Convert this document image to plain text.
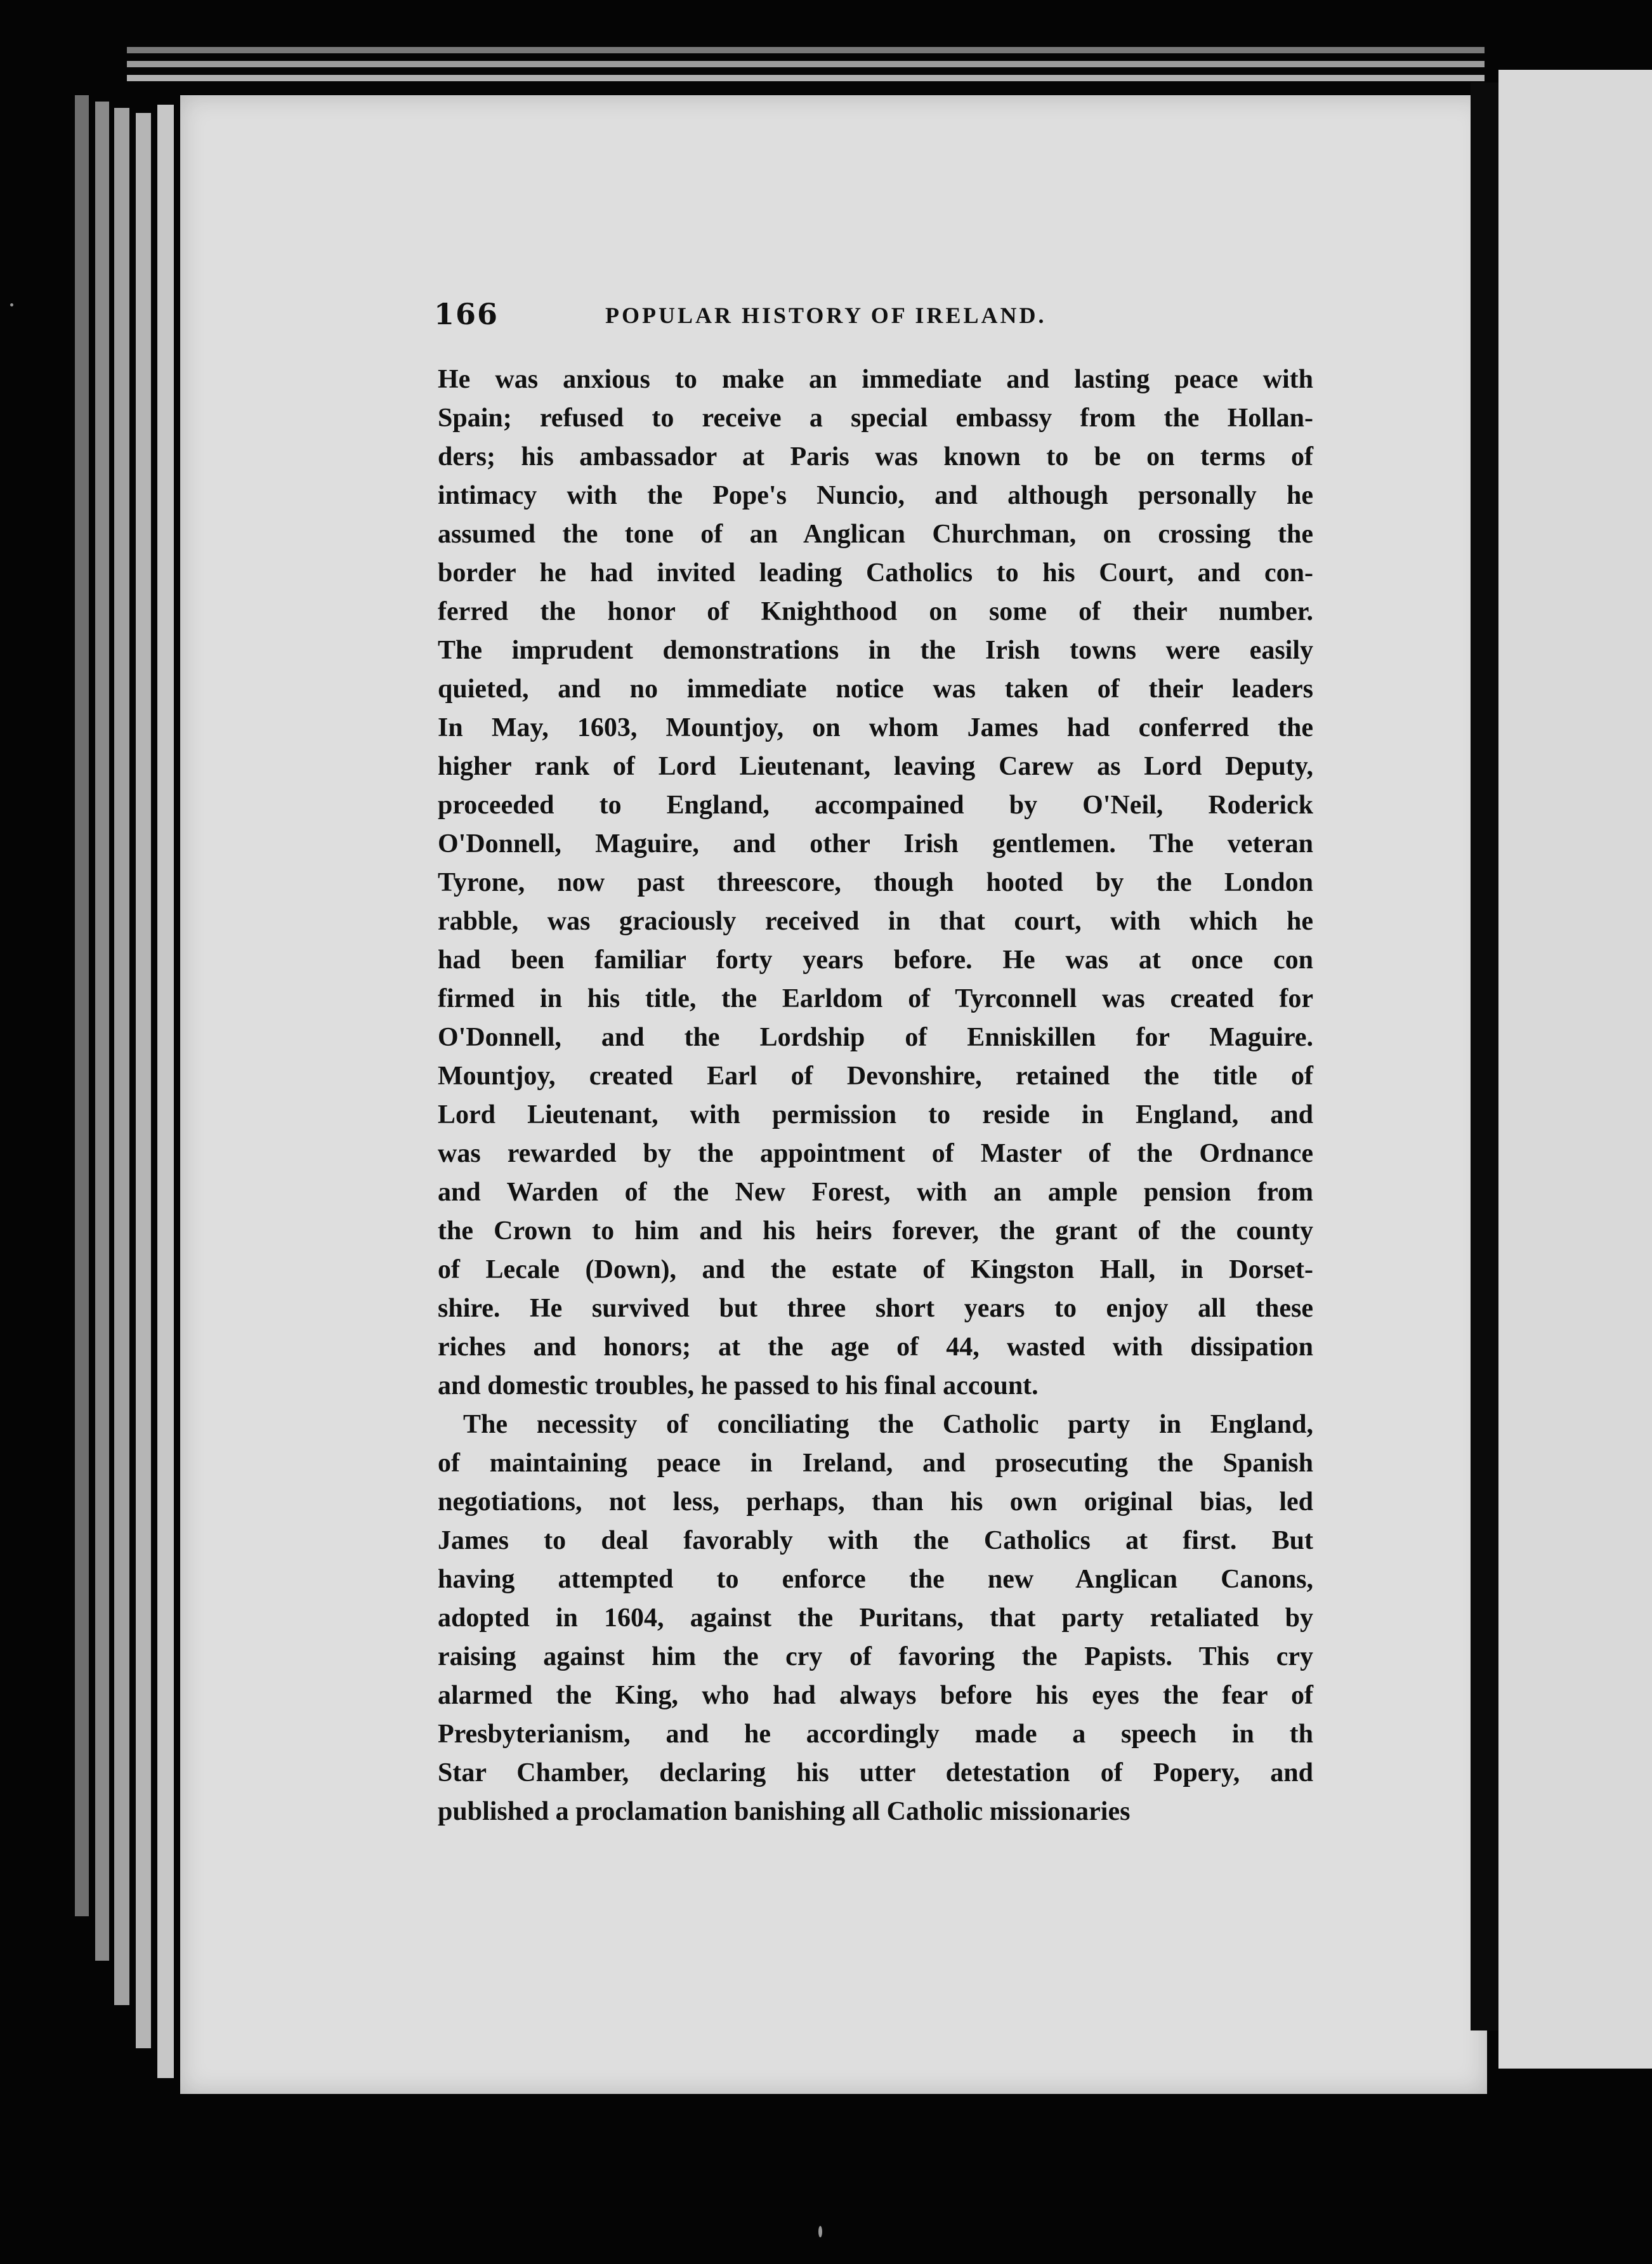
166	POPULAR HISTORY OF IRELAND.
He was anxious to make an immediate and lasting peace with
Spain; refused to receive a special embassy from the Hollan-
ders; his ambassador at Paris was known to be on terms of
intimacy with the Pope's Nuncio, and although personally he
assumed the tone of an Anglican Churchman, on crossing the
border he had invited leading Catholics to his Court, and con-
ferred the honor of Knighthood on some of their number.
The imprudent demonstrations in the Irish towns were easily
quieted, and no immediate notice was taken of their leaders
In May, 1603, Mountjoy, on whom James had conferred the
higher rank of Lord Lieutenant, leaving Carew as Lord Deputy,
proceeded to England, accompained by O'Neil, Roderick
O'Donnell, Maguire, and other Irish gentlemen. The veteran
Tyrone, now past threescore, though hooted by the London
rabble, was graciously received in that court, with which he
had been familiar forty years before. He was at once con
firmed in his title, the Earldom of Tyrconnell was created for
O'Donnell, and the Lordship of Enniskillen for Maguire.
Mountjoy, created Earl of Devonshire, retained the title of
Lord Lieutenant, with permission to reside in England, and
was rewarded by the appointment of Master of the Ordnance
and Warden of the New Forest, with an ample pension from
the Crown to him and his heirs forever, the grant of the county
of Lecale (Down), and the estate of Kingston Hall, in Dorset-
shire. He survived but three short years to enjoy all these
riches and honors; at the age of 44, wasted with dissipation
and domestic troubles, he passed to his final account.
The necessity of conciliating the Catholic party in England,
of maintaining peace in Ireland, and prosecuting the Spanish
negotiations, not less, perhaps, than his own original bias, led
James to deal favorably with the Catholics at first. But
having attempted to enforce the new Anglican Canons,
adopted in 1604, against the Puritans, that party retaliated by
raising against him the cry of favoring the Papists. This cry
alarmed the King, who had always before his eyes the fear of
Presbyterianism, and he accordingly made a speech in th
Star Chamber, declaring his utter detestation of Popery, and
published a proclamation banishing all Catholic missionaries
